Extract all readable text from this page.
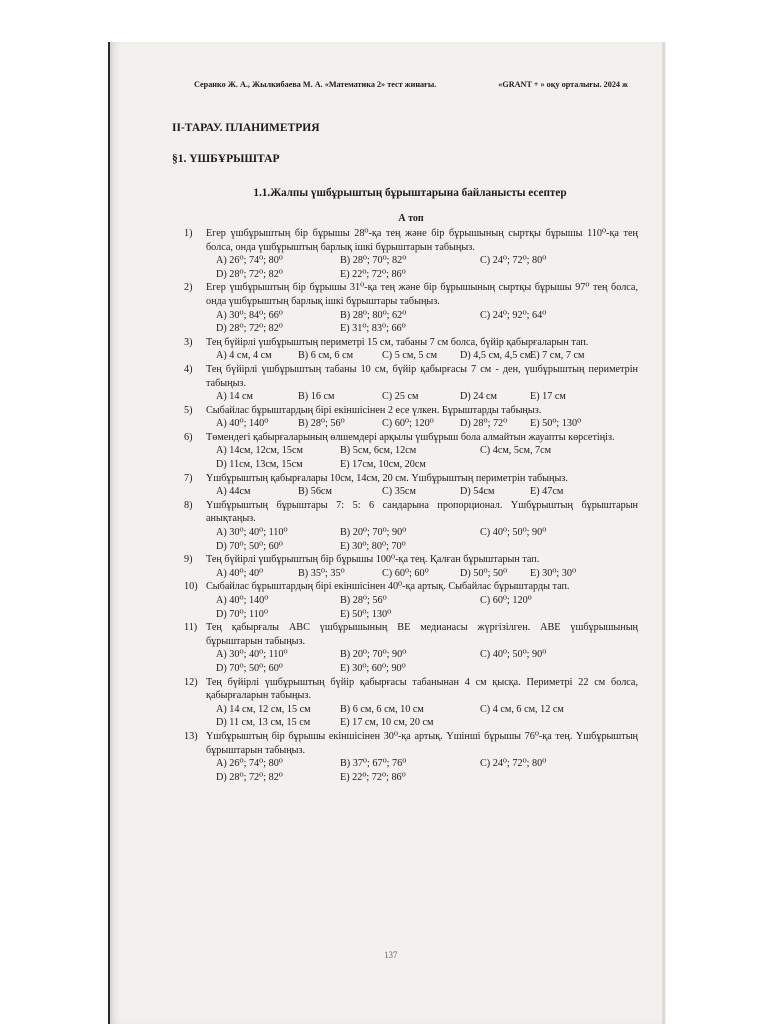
Серанко Ж. А., Жылкибаева М. А. «Математика 2» тест жинағы.	«GRANT + » оқу орталығы. 2024 ж
II-ТАРАУ. ПЛАНИМЕТРИЯ
§1. ҮШБҰРЫШТАР
1.1.Жалпы үшбұрыштың бұрыштарына байланысты есептер
А топ
1) Егер үшбұрыштың бір бұрышы 28⁰-қа тең және бір бұрышының сыртқы бұрышы 110⁰-қа тең болса, онда үшбұрыштың барлық ішкі бұрыштарын табыңыз.
A) 26⁰; 74⁰; 80⁰	B) 28⁰; 70⁰; 82⁰	C) 24⁰; 72⁰; 80⁰
D) 28⁰; 72⁰; 82⁰	E) 22⁰; 72⁰; 86⁰
2) Егер үшбұрыштың бір бұрышы 31⁰-қа тең және бір бұрышының сыртқы бұрышы 97⁰ тең болса, онда үшбұрыштың барлық ішкі бұрыштары табыңыз.
A) 30⁰; 84⁰; 66⁰	B) 28⁰; 80⁰; 62⁰	C) 24⁰; 92⁰; 64⁰
D) 28⁰; 72⁰; 82⁰	E) 31⁰; 83⁰; 66⁰
3) Тең бүйірлі үшбұрыштың периметрі 15 см, табаны 7 см болса, бүйір қабырғаларын тап.
A) 4 см, 4 см	B) 6 см, 6 см	C) 5 см, 5 см	D) 4,5 см, 4,5 см E) 7 см, 7 см
4) Тең бүйірлі үшбұрыштың табаны 10 см, бүйір қабырғасы 7 см - ден, үшбұрыштың периметрін табыңыз.
A) 14 см	B) 16 см	C) 25 см	D) 24 см	E) 17 см
5) Сыбайлас бұрыштардың бірі екіншісінен 2 есе үлкен. Бұрыштарды табыңыз.
A) 40⁰; 140⁰	B) 28⁰; 56⁰	C) 60⁰; 120⁰	D) 28⁰; 72⁰	E) 50⁰; 130⁰
6) Төмендегі қабырғаларының өлшемдері арқылы үшбұрыш бола алмайтын жауапты көрсетіңіз.
A) 14см, 12см, 15см	B) 5см, 6см, 12см	C) 4см, 5см, 7см
D) 11см, 13см, 15см	E) 17см, 10см, 20см
7) Үшбұрыштың қабырғалары 10см, 14см, 20 см. Үшбұрыштың периметрін табыңыз.
A) 44см	B) 56см	C) 35см	D) 54см	E) 47см
8) Үшбұрыштың бұрыштары 7: 5: 6 сандарына пропорционал. Үшбұрыштың бұрыштарын анықтаңыз.
A) 30⁰; 40⁰; 110⁰	B) 20⁰; 70⁰; 90⁰	C) 40⁰; 50⁰; 90⁰
D) 70⁰; 50⁰; 60⁰	E) 30⁰; 80⁰; 70⁰
9) Тең бүйірлі үшбұрыштың бір бұрышы 100⁰-қа тең. Қалған бұрыштарын тап.
A) 40⁰; 40⁰	B) 35⁰; 35⁰	C) 60⁰; 60⁰	D) 50⁰; 50⁰	E) 30⁰; 30⁰
10) Сыбайлас бұрыштардың бірі екіншісінен 40⁰-қа артық. Сыбайлас бұрыштарды тап.
A) 40⁰; 140⁰	B) 28⁰; 56⁰	C) 60⁰; 120⁰
D) 70⁰; 110⁰	E) 50⁰; 130⁰
11) Тең қабырғалы АВС үшбұрышының ВЕ медианасы жүргізілген. АВЕ үшбұрышының бұрыштарын табыңыз.
A) 30⁰; 40⁰; 110⁰	B) 20⁰; 70⁰; 90⁰	C) 40⁰; 50⁰; 90⁰
D) 70⁰; 50⁰; 60⁰	E) 30⁰; 60⁰; 90⁰
12) Тең бүйірлі үшбұрыштың бүйір қабырғасы табанынан 4 см қысқа. Периметрі 22 см болса, қабырғаларын табыңыз.
A) 14 см, 12 см, 15 см	B) 6 см, 6 см, 10 см	C) 4 см, 6 см, 12 см
D) 11 см, 13 см, 15 см	E) 17 см, 10 см, 20 см
13) Үшбұрыштың бір бұрышы екіншісінен 30⁰-қа артық. Үшінші бұрышы 76⁰-қа тең. Үшбұрыштың бұрыштарын табыңыз.
A) 26⁰; 74⁰; 80⁰	B) 37⁰; 67⁰; 76⁰	C) 24⁰; 72⁰; 80⁰
D) 28⁰; 72⁰; 82⁰	E) 22⁰; 72⁰; 86⁰
137
